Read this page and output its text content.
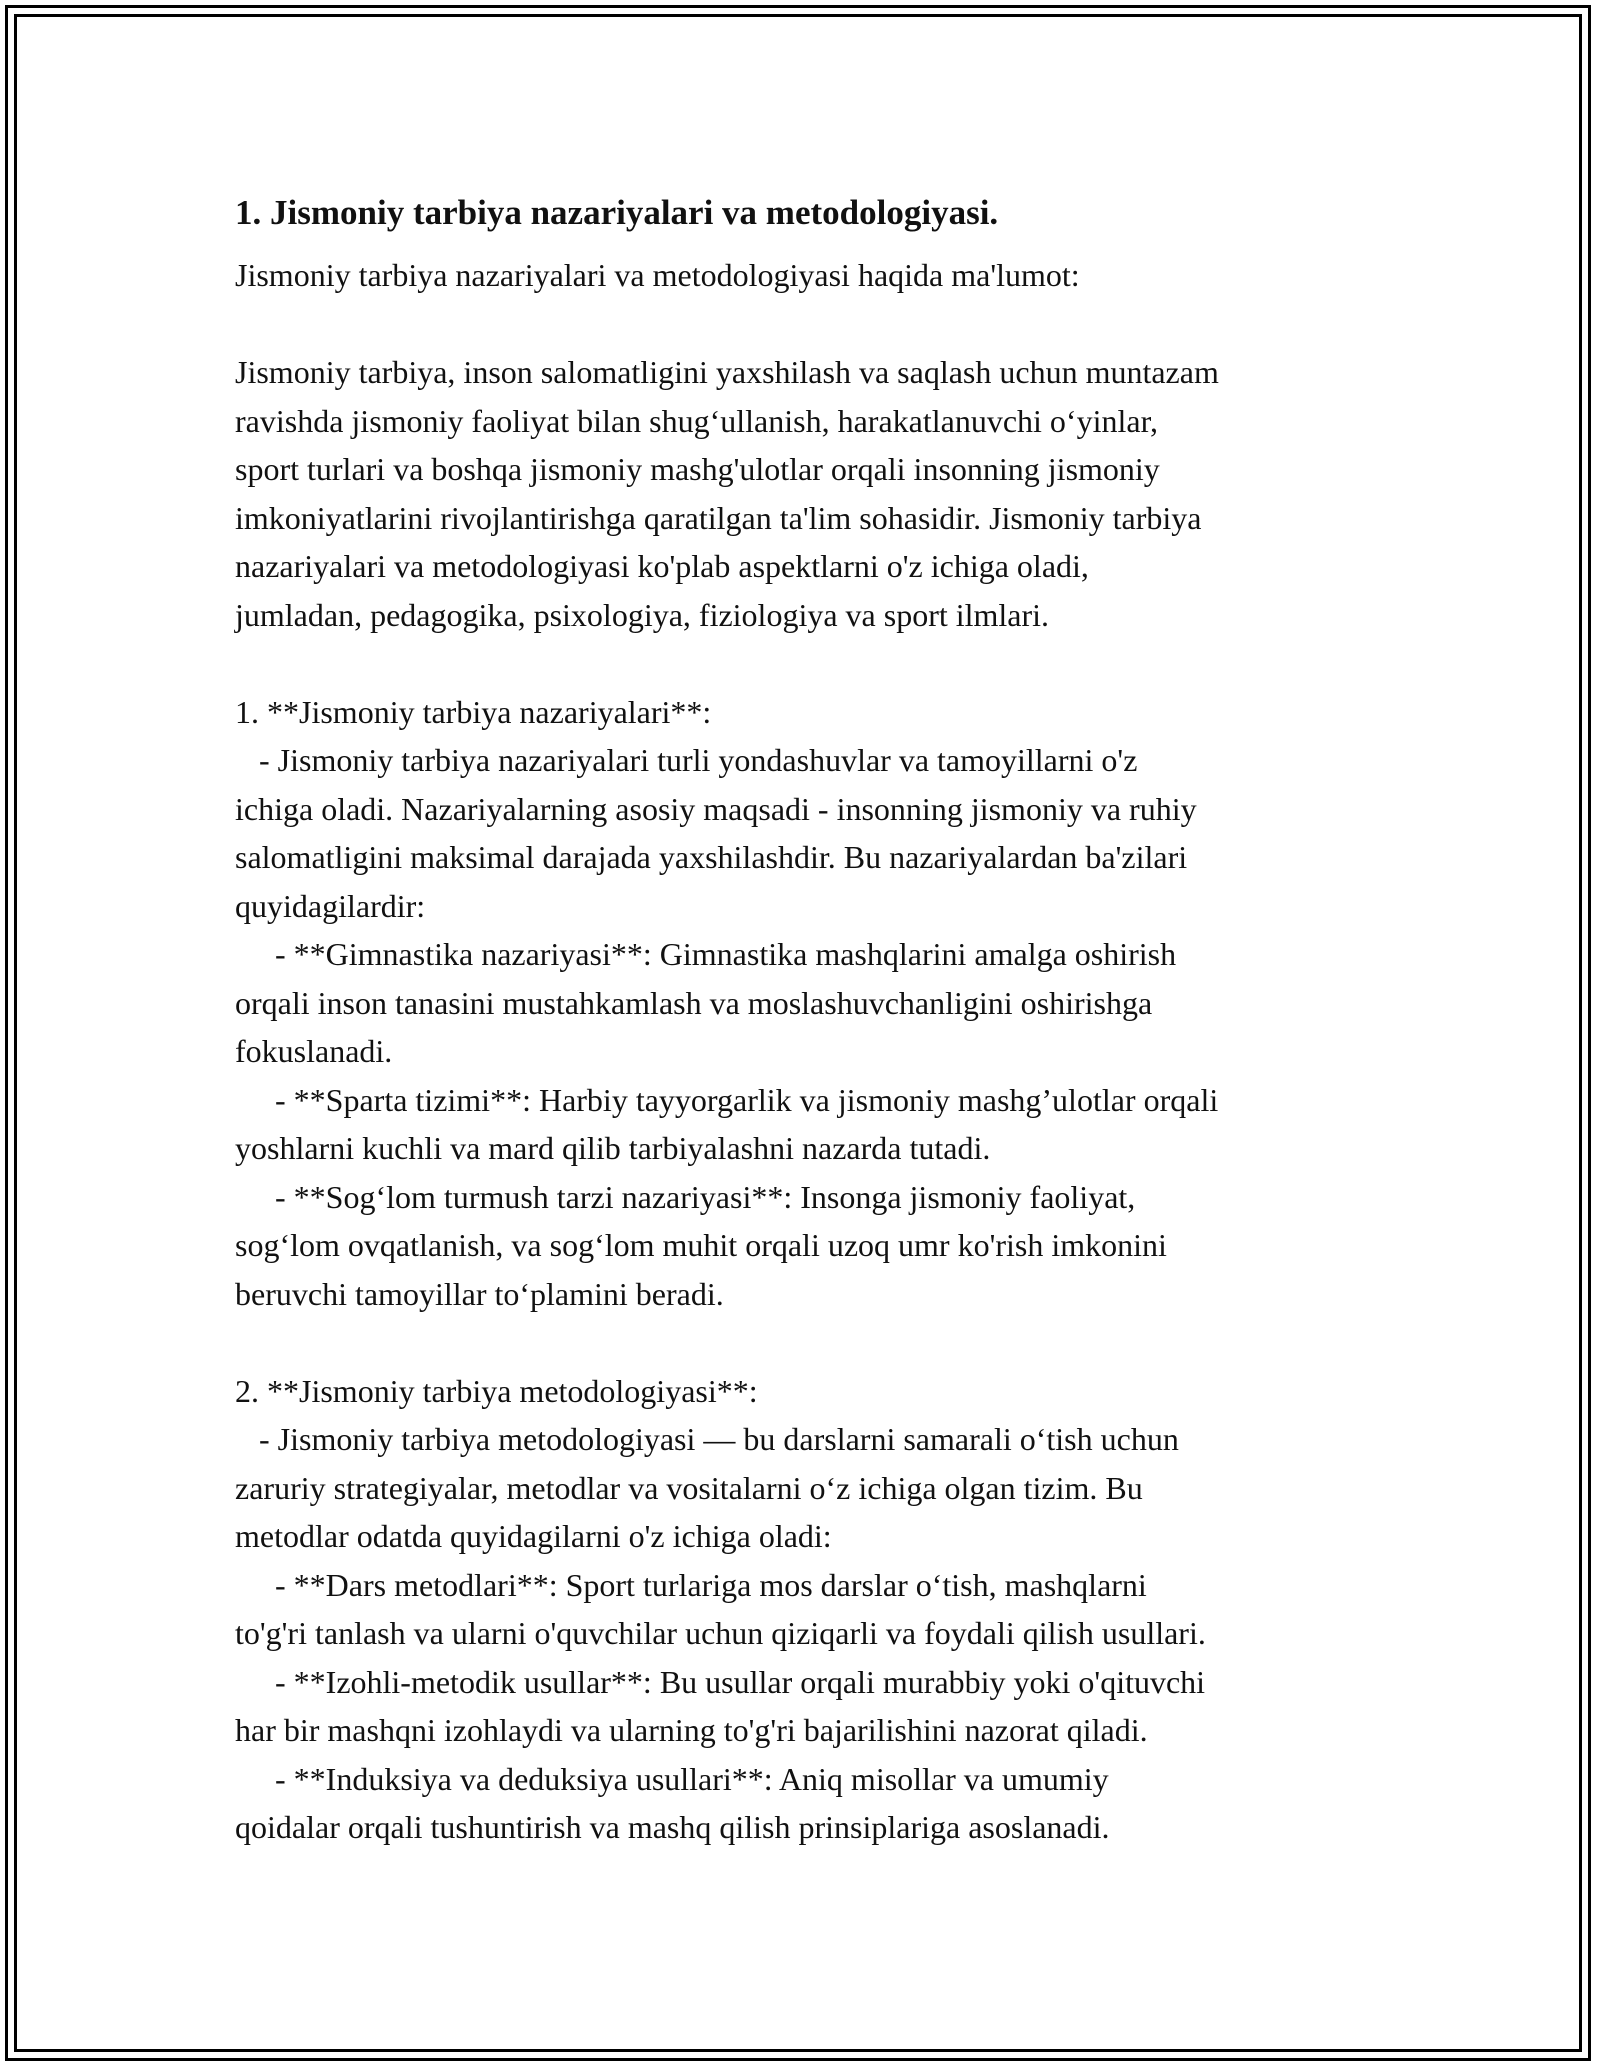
1. Jismoniy tarbiya nazariyalari va metodologiyasi.
Jismoniy tarbiya nazariyalari va metodologiyasi haqida ma'lumot:
Jismoniy tarbiya, inson salomatligini yaxshilash va saqlash uchun muntazam
ravishda jismoniy faoliyat bilan shug‘ullanish, harakatlanuvchi o‘yinlar,
sport turlari va boshqa jismoniy mashg'ulotlar orqali insonning jismoniy
imkoniyatlarini rivojlantirishga qaratilgan ta'lim sohasidir. Jismoniy tarbiya
nazariyalari va metodologiyasi ko'plab aspektlarni o'z ichiga oladi,
jumladan, pedagogika, psixologiya, fiziologiya va sport ilmlari.
1. **Jismoniy tarbiya nazariyalari**:
- Jismoniy tarbiya nazariyalari turli yondashuvlar va tamoyillarni o'z
ichiga oladi. Nazariyalarning asosiy maqsadi - insonning jismoniy va ruhiy
salomatligini maksimal darajada yaxshilashdir. Bu nazariyalardan ba'zilari
quyidagilardir:
- **Gimnastika nazariyasi**: Gimnastika mashqlarini amalga oshirish
orqali inson tanasini mustahkamlash va moslashuvchanligini oshirishga
fokuslanadi.
- **Sparta tizimi**: Harbiy tayyorgarlik va jismoniy mashg’ulotlar orqali
yoshlarni kuchli va mard qilib tarbiyalashni nazarda tutadi.
- **Sog‘lom turmush tarzi nazariyasi**: Insonga jismoniy faoliyat,
sog‘lom ovqatlanish, va sog‘lom muhit orqali uzoq umr ko'rish imkonini
beruvchi tamoyillar to‘plamini beradi.
2. **Jismoniy tarbiya metodologiyasi**:
- Jismoniy tarbiya metodologiyasi — bu darslarni samarali o‘tish uchun
zaruriy strategiyalar, metodlar va vositalarni o‘z ichiga olgan tizim. Bu
metodlar odatda quyidagilarni o'z ichiga oladi:
- **Dars metodlari**: Sport turlariga mos darslar o‘tish, mashqlarni
to'g'ri tanlash va ularni o'quvchilar uchun qiziqarli va foydali qilish usullari.
- **Izohli-metodik usullar**: Bu usullar orqali murabbiy yoki o'qituvchi
har bir mashqni izohlaydi va ularning to'g'ri bajarilishini nazorat qiladi.
- **Induksiya va deduksiya usullari**: Aniq misollar va umumiy
qoidalar orqali tushuntirish va mashq qilish prinsiplariga asoslanadi.
